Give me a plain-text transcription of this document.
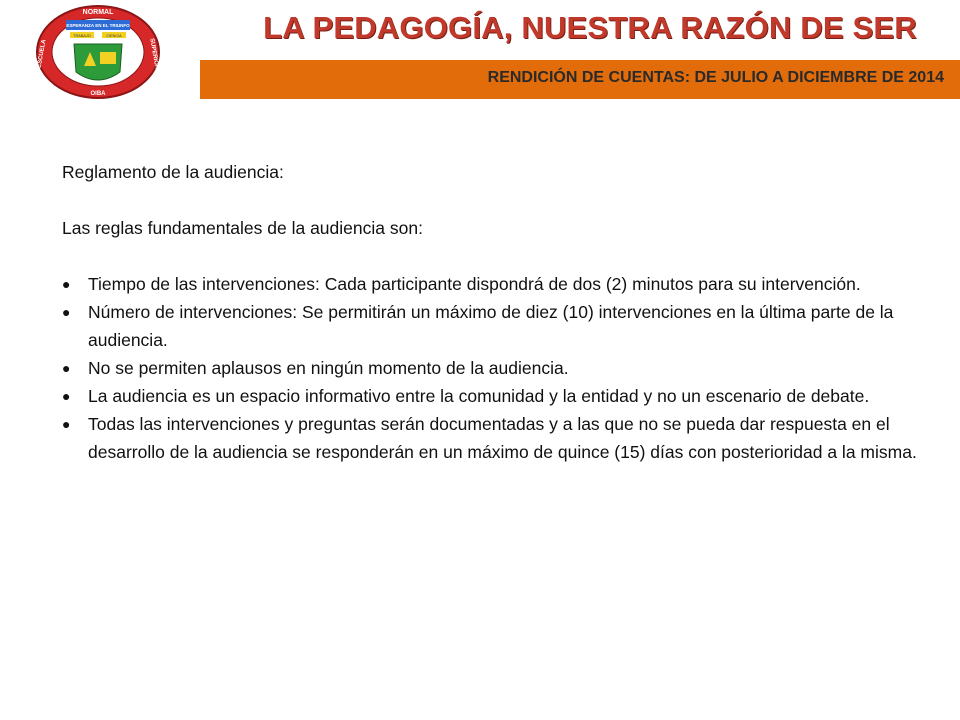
NORMAL
ESCUELA	SUPERIOR
ESPERANZA EN EL TRIUNFO
TRABAJO	CIENCIA
OIBA
LA PEDAGOGÍA, NUESTRA RAZÓN DE SER
RENDICIÓN DE CUENTAS: DE JULIO A DICIEMBRE DE 2014

Reglamento de la audiencia:

Las reglas fundamentales de la audiencia son:

● Tiempo de las intervenciones: Cada participante dispondrá de dos (2) minutos para su intervención.
● Número de intervenciones: Se permitirán un máximo de diez (10) intervenciones en la última parte de la audiencia.
● No se permiten aplausos en ningún momento de la audiencia.
● La audiencia es un espacio informativo entre la comunidad y la entidad y no un escenario de debate.
● Todas las intervenciones y preguntas serán documentadas y a las que no se pueda dar respuesta en el desarrollo de la audiencia se responderán en un máximo de quince (15) días con posterioridad a la misma.
